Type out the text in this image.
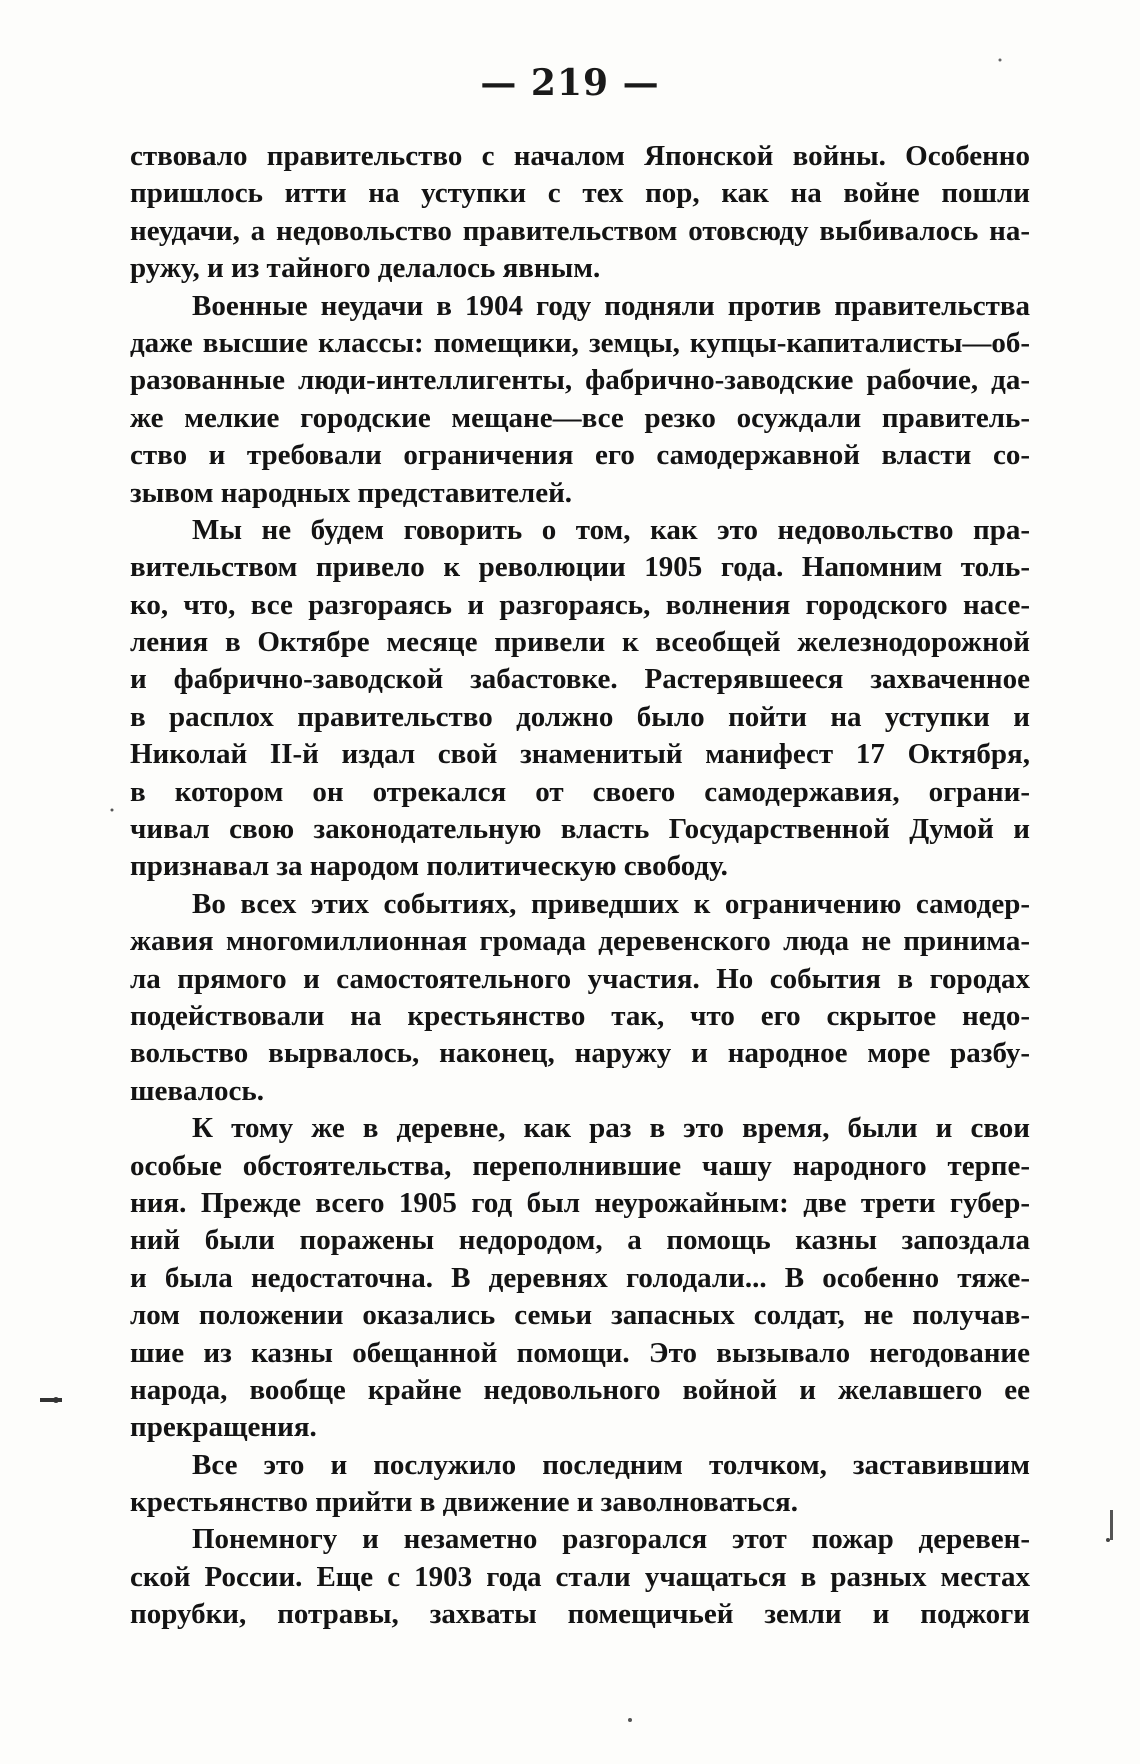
— 219 —
ствовало правительство с началом Японской войны. Особенно
пришлось итти на уступки с тех пор, как на войне пошли
неудачи, а недовольство правительством отовсюду выбивалось на-
ружу, и из тайного делалось явным.
Военные неудачи в 1904 году подняли против правительства
даже высшие классы: помещики, земцы, купцы-капиталисты—об-
разованные люди-интеллигенты, фабрично-заводские рабочие, да-
же мелкие городские мещане—все резко осуждали правитель-
ство и требовали ограничения его самодержавной власти со-
зывом народных представителей.
Мы не будем говорить о том, как это недовольство пра-
вительством привело к революции 1905 года. Напомним толь-
ко, что, все разгораясь и разгораясь, волнения городского насе-
ления в Октябре месяце привели к всеобщей железнодорожной
и фабрично-заводской забастовке. Растерявшееся захваченное
в расплох правительство должно было пойти на уступки и
Николай II-й издал свой знаменитый манифест 17 Октября,
в котором он отрекался от своего самодержавия, ограни-
чивал свою законодательную власть Государственной Думой и
признавал за народом политическую свободу.
Во всех этих событиях, приведших к ограничению самодер-
жавия многомиллионная громада деревенского люда не принима-
ла прямого и самостоятельного участия. Но события в городах
подействовали на крестьянство так, что его скрытое недо-
вольство вырвалось, наконец, наружу и народное море разбу-
шевалось.
К тому же в деревне, как раз в это время, были и свои
особые обстоятельства, переполнившие чашу народного терпе-
ния. Прежде всего 1905 год был неурожайным: две трети губер-
ний были поражены недородом, а помощь казны запоздала
и была недостаточна. В деревнях голодали... В особенно тяже-
лом положении оказались семьи запасных солдат, не получав-
шие из казны обещанной помощи. Это вызывало негодование
народа, вообще крайне недовольного войной и желавшего ее
прекращения.
Все это и послужило последним толчком, заставившим
крестьянство прийти в движение и заволноваться.
Понемногу и незаметно разгорался этот пожар деревен-
ской России. Еще с 1903 года стали учащаться в разных местах
порубки, потравы, захваты помещичьей земли и поджоги
